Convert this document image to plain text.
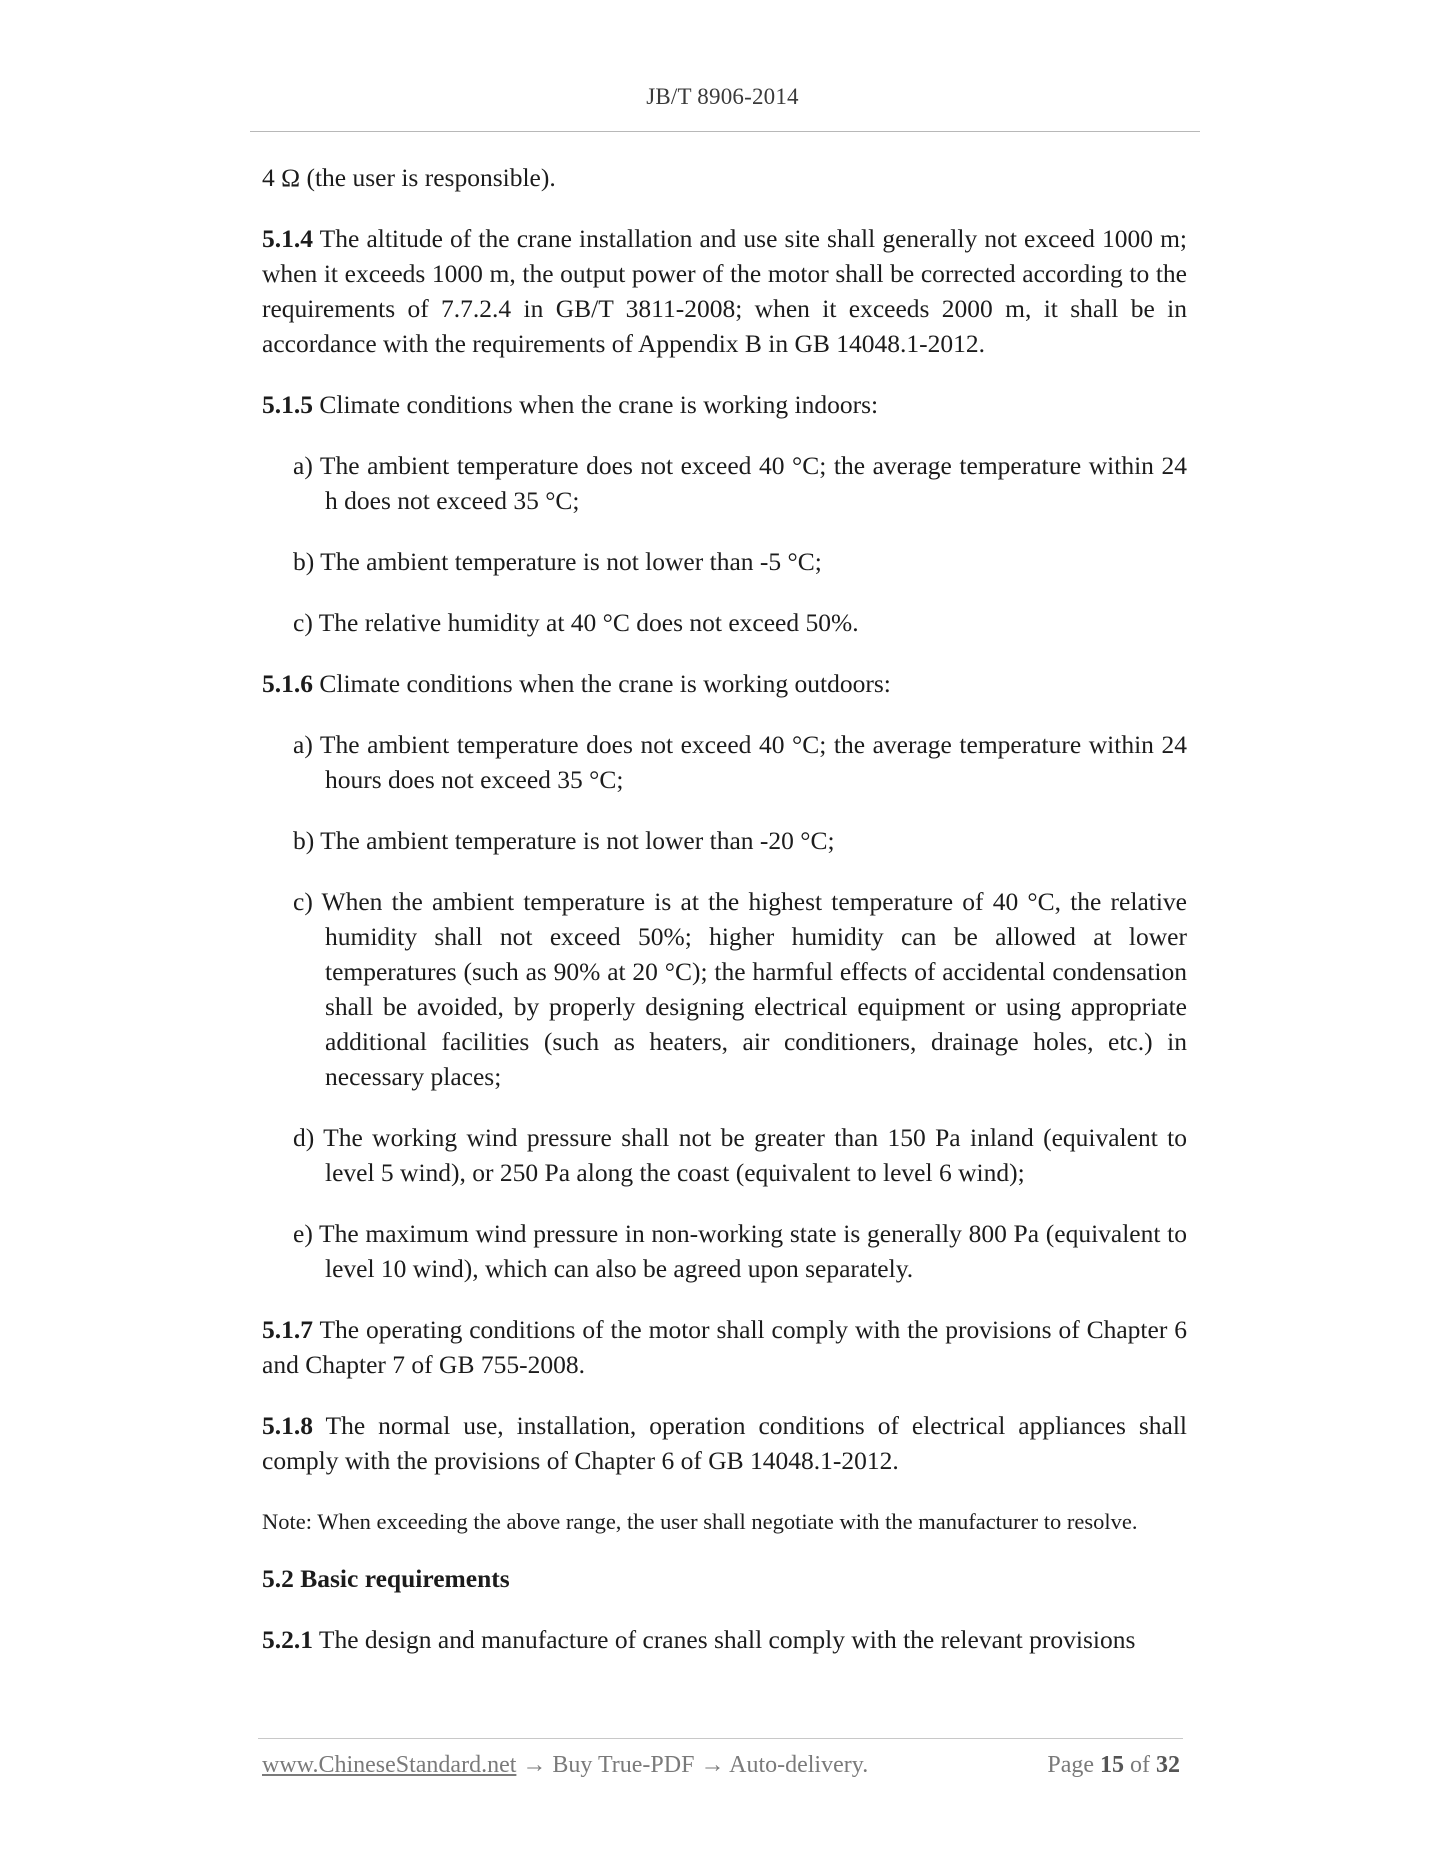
JB/T 8906-2014

4 Ω (the user is responsible).

5.1.4 The altitude of the crane installation and use site shall generally not exceed 1000 m; when it exceeds 1000 m, the output power of the motor shall be corrected according to the requirements of 7.7.2.4 in GB/T 3811-2008; when it exceeds 2000 m, it shall be in accordance with the requirements of Appendix B in GB 14048.1-2012.

5.1.5 Climate conditions when the crane is working indoors:

a) The ambient temperature does not exceed 40 °C; the average temperature within 24 h does not exceed 35 °C;

b) The ambient temperature is not lower than -5 °C;

c) The relative humidity at 40 °C does not exceed 50%.

5.1.6 Climate conditions when the crane is working outdoors:

a) The ambient temperature does not exceed 40 °C; the average temperature within 24 hours does not exceed 35 °C;

b) The ambient temperature is not lower than -20 °C;

c) When the ambient temperature is at the highest temperature of 40 °C, the relative humidity shall not exceed 50%; higher humidity can be allowed at lower temperatures (such as 90% at 20 °C); the harmful effects of accidental condensation shall be avoided, by properly designing electrical equipment or using appropriate additional facilities (such as heaters, air conditioners, drainage holes, etc.) in necessary places;

d) The working wind pressure shall not be greater than 150 Pa inland (equivalent to level 5 wind), or 250 Pa along the coast (equivalent to level 6 wind);

e) The maximum wind pressure in non-working state is generally 800 Pa (equivalent to level 10 wind), which can also be agreed upon separately.

5.1.7 The operating conditions of the motor shall comply with the provisions of Chapter 6 and Chapter 7 of GB 755-2008.

5.1.8 The normal use, installation, operation conditions of electrical appliances shall comply with the provisions of Chapter 6 of GB 14048.1-2012.

Note: When exceeding the above range, the user shall negotiate with the manufacturer to resolve.

5.2 Basic requirements

5.2.1 The design and manufacture of cranes shall comply with the relevant provisions

www.ChineseStandard.net → Buy True-PDF → Auto-delivery.	Page 15 of 32
